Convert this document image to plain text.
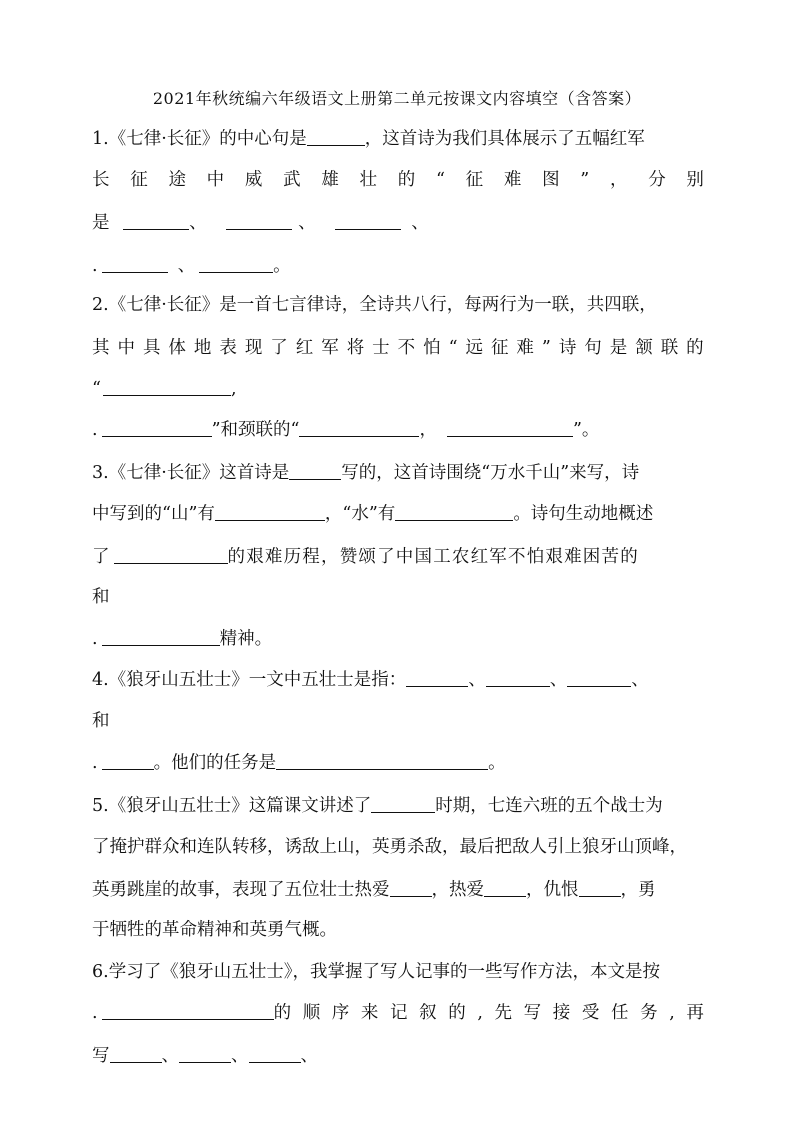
2021年秋统编六年级语文上册第二单元按课文内容填空（含答案）
1.《七律·长征》的中心句是	，这首诗为我们具体展示了五幅红军
长 征 途 中 威 武 雄 壮 的 “ 征 难 图 ” ， 分 别
是	、	、	、
.	、	。
2.《七律·长征》是一首七言律诗，全诗共八行，每两行为一联，共四联，
其 中 具 体 地 表 现 了 红 军 将 士 不 怕 “ 远 征 难 ” 诗 句 是 颔 联 的
“	,
.	”和颈联的“	，	”。
3.《七律·长征》这首诗是	写的，这首诗围绕“万水千山”来写，诗
中写到的“山”有	，“水”有	。诗句生动地概述
了	的艰难历程，赞颂了中国工农红军不怕艰难困苦的
和
.	精神。
4.《狼牙山五壮士》一文中五壮士是指：	、	、	、
和
.	。他们的任务是	。
5.《狼牙山五壮士》这篇课文讲述了	时期，七连六班的五个战士为
了掩护群众和连队转移，诱敌上山，英勇杀敌，最后把敌人引上狼牙山顶峰，
英勇跳崖的故事，表现了五位壮士热爱 ，热爱 ，仇恨 ，勇
于牺牲的革命精神和英勇气概。
6.学习了《狼牙山五壮士》，我掌握了写人记事的一些写作方法，本文是按
.	的 顺 序 来 记 叙 的 , 先 写 接 受 任 务 , 再
写	、	、	、
